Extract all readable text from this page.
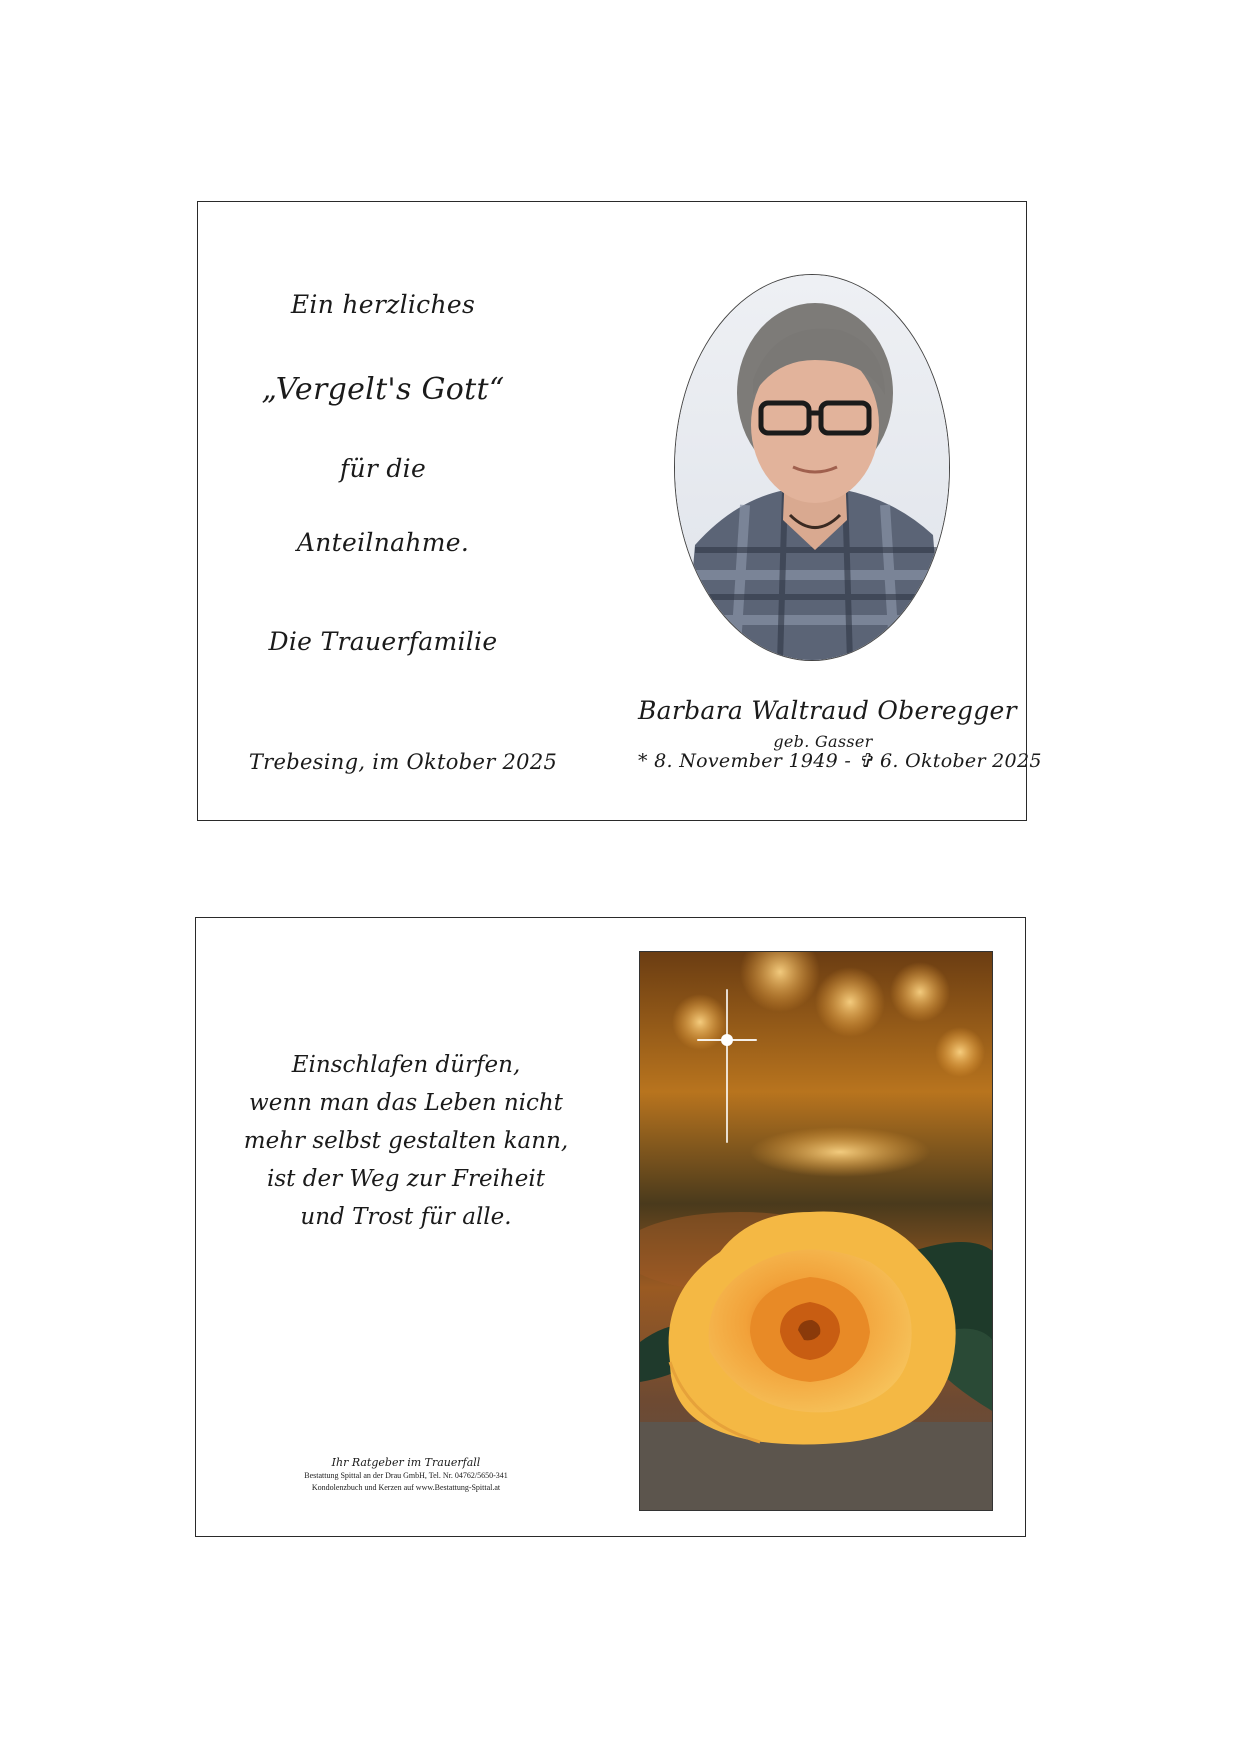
Ein herzliches
„Vergelt's Gott“
für die
Anteilnahme.
Die Trauerfamilie
Trebesing, im Oktober 2025
Barbara Waltraud Oberegger
geb. Gasser
* 8. November 1949 - ✞ 6. Oktober 2025
Einschlafen dürfen,
wenn man das Leben nicht
mehr selbst gestalten kann,
ist der Weg zur Freiheit
und Trost für alle.
Ihr Ratgeber im Trauerfall
Bestattung Spittal an der Drau GmbH, Tel. Nr. 04762/5650-341
Kondolenzbuch und Kerzen auf www.Bestattung-Spittal.at
